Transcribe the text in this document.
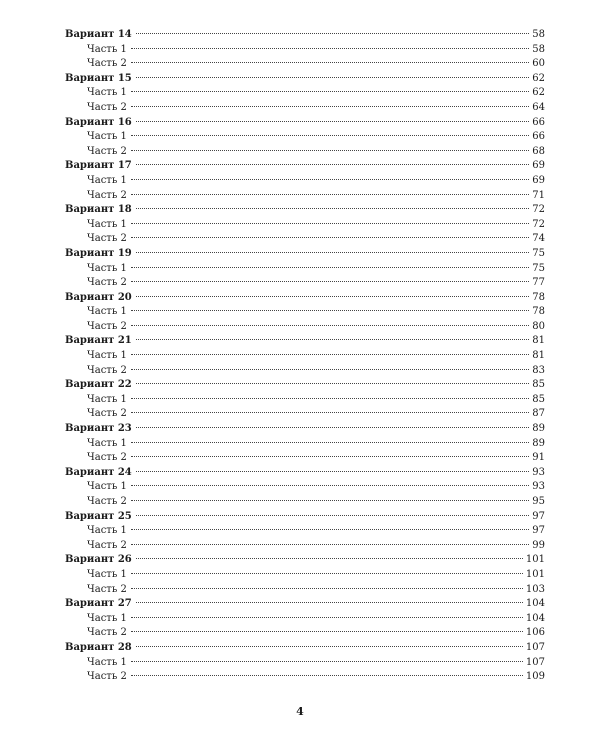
Вариант 14	58
Часть 1	58
Часть 2	60
Вариант 15	62
Часть 1	62
Часть 2	64
Вариант 16	66
Часть 1	66
Часть 2	68
Вариант 17	69
Часть 1	69
Часть 2	71
Вариант 18	72
Часть 1	72
Часть 2	74
Вариант 19	75
Часть 1	75
Часть 2	77
Вариант 20	78
Часть 1	78
Часть 2	80
Вариант 21	81
Часть 1	81
Часть 2	83
Вариант 22	85
Часть 1	85
Часть 2	87
Вариант 23	89
Часть 1	89
Часть 2	91
Вариант 24	93
Часть 1	93
Часть 2	95
Вариант 25	97
Часть 1	97
Часть 2	99
Вариант 26	101
Часть 1	101
Часть 2	103
Вариант 27	104
Часть 1	104
Часть 2	106
Вариант 28	107
Часть 1	107
Часть 2	109
4
